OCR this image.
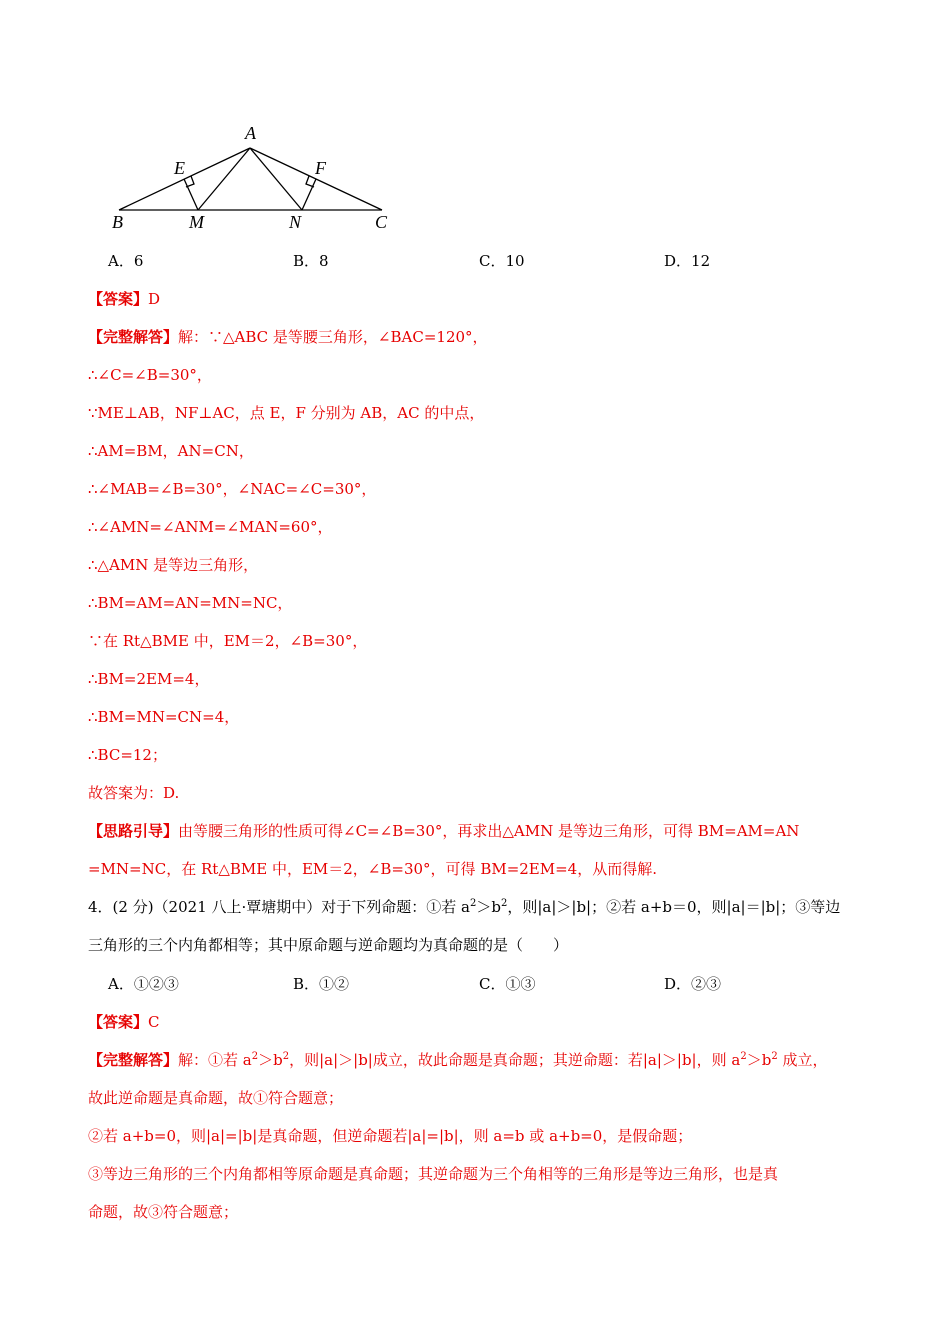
A
E	F
B	M	N	C
A．6	B．8	C．10	D．12
【答案】D
【完整解答】解：∵△ABC 是等腰三角形，∠BAC=120°，
∴∠C=∠B=30°，
∵ME⊥AB，NF⊥AC，点 E，F 分别为 AB，AC 的中点，
∴AM=BM，AN=CN，
∴∠MAB=∠B=30°，∠NAC=∠C=30°，
∴∠AMN=∠ANM=∠MAN=60°，
∴△AMN 是等边三角形，
∴BM=AM=AN=MN=NC，
∵在 Rt△BME 中，EM＝2，∠B=30°，
∴BM=2EM=4，
∴BM=MN=CN=4，
∴BC=12；
故答案为：D.
【思路引导】由等腰三角形的性质可得∠C=∠B=30°，再求出△AMN 是等边三角形，可得 BM=AM=AN
=MN=NC，在 Rt△BME 中，EM＝2，∠B=30°，可得 BM=2EM=4，从而得解.
4．(2 分)（2021 八上·覃塘期中）对于下列命题：①若 $a^2>b^2$，则|a|＞|b|；②若 a+b＝0，则|a|＝|b|；③等边
三角形的三个内角都相等；其中原命题与逆命题均为真命题的是（　　）
A．①②③	B．①②	C．①③	D．②③
【答案】C
【完整解答】解：①若 $a^2>b^2$，则|a|＞|b|成立，故此命题是真命题；其逆命题：若|a|＞|b|，则 $a^2>b^2$ 成立，
故此逆命题是真命题，故①符合题意；
②若 a+b=0，则|a|=|b|是真命题，但逆命题若|a|=|b|，则 a=b 或 a+b=0，是假命题；
③等边三角形的三个内角都相等原命题是真命题；其逆命题为三个角相等的三角形是等边三角形，也是真
命题，故③符合题意；
